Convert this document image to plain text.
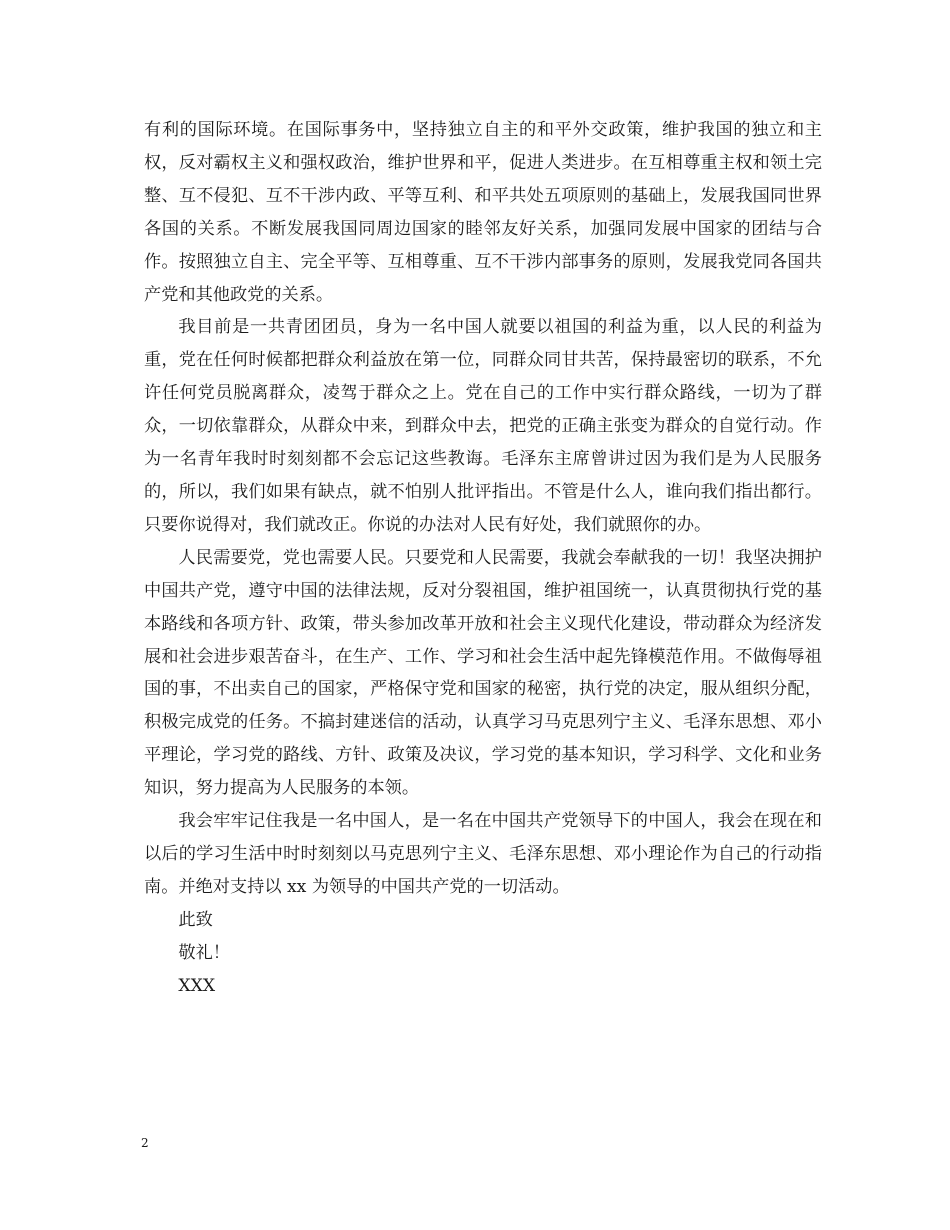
有利的国际环境。在国际事务中，坚持独立自主的和平外交政策，维护我国的独立和主权，反对霸权主义和强权政治，维护世界和平，促进人类进步。在互相尊重主权和领土完整、互不侵犯、互不干涉内政、平等互利、和平共处五项原则的基础上，发展我国同世界各国的关系。不断发展我国同周边国家的睦邻友好关系，加强同发展中国家的团结与合作。按照独立自主、完全平等、互相尊重、互不干涉内部事务的原则，发展我党同各国共产党和其他政党的关系。

我目前是一共青团团员，身为一名中国人就要以祖国的利益为重，以人民的利益为重，党在任何时候都把群众利益放在第一位，同群众同甘共苦，保持最密切的联系，不允许任何党员脱离群众，凌驾于群众之上。党在自己的工作中实行群众路线，一切为了群众，一切依靠群众，从群众中来，到群众中去，把党的正确主张变为群众的自觉行动。作为一名青年我时时刻刻都不会忘记这些教诲。毛泽东主席曾讲过因为我们是为人民服务的，所以，我们如果有缺点，就不怕别人批评指出。不管是什么人，谁向我们指出都行。只要你说得对，我们就改正。你说的办法对人民有好处，我们就照你的办。

人民需要党，党也需要人民。只要党和人民需要，我就会奉献我的一切！我坚决拥护中国共产党，遵守中国的法律法规，反对分裂祖国，维护祖国统一，认真贯彻执行党的基本路线和各项方针、政策，带头参加改革开放和社会主义现代化建设，带动群众为经济发展和社会进步艰苦奋斗，在生产、工作、学习和社会生活中起先锋模范作用。不做侮辱祖国的事，不出卖自己的国家，严格保守党和国家的秘密，执行党的决定，服从组织分配，积极完成党的任务。不搞封建迷信的活动，认真学习马克思列宁主义、毛泽东思想、邓小平理论，学习党的路线、方针、政策及决议，学习党的基本知识，学习科学、文化和业务知识，努力提高为人民服务的本领。

我会牢牢记住我是一名中国人，是一名在中国共产党领导下的中国人，我会在现在和以后的学习生活中时时刻刻以马克思列宁主义、毛泽东思想、邓小理论作为自己的行动指南。并绝对支持以 xx 为领导的中国共产党的一切活动。

此致

敬礼！

XXX

2
